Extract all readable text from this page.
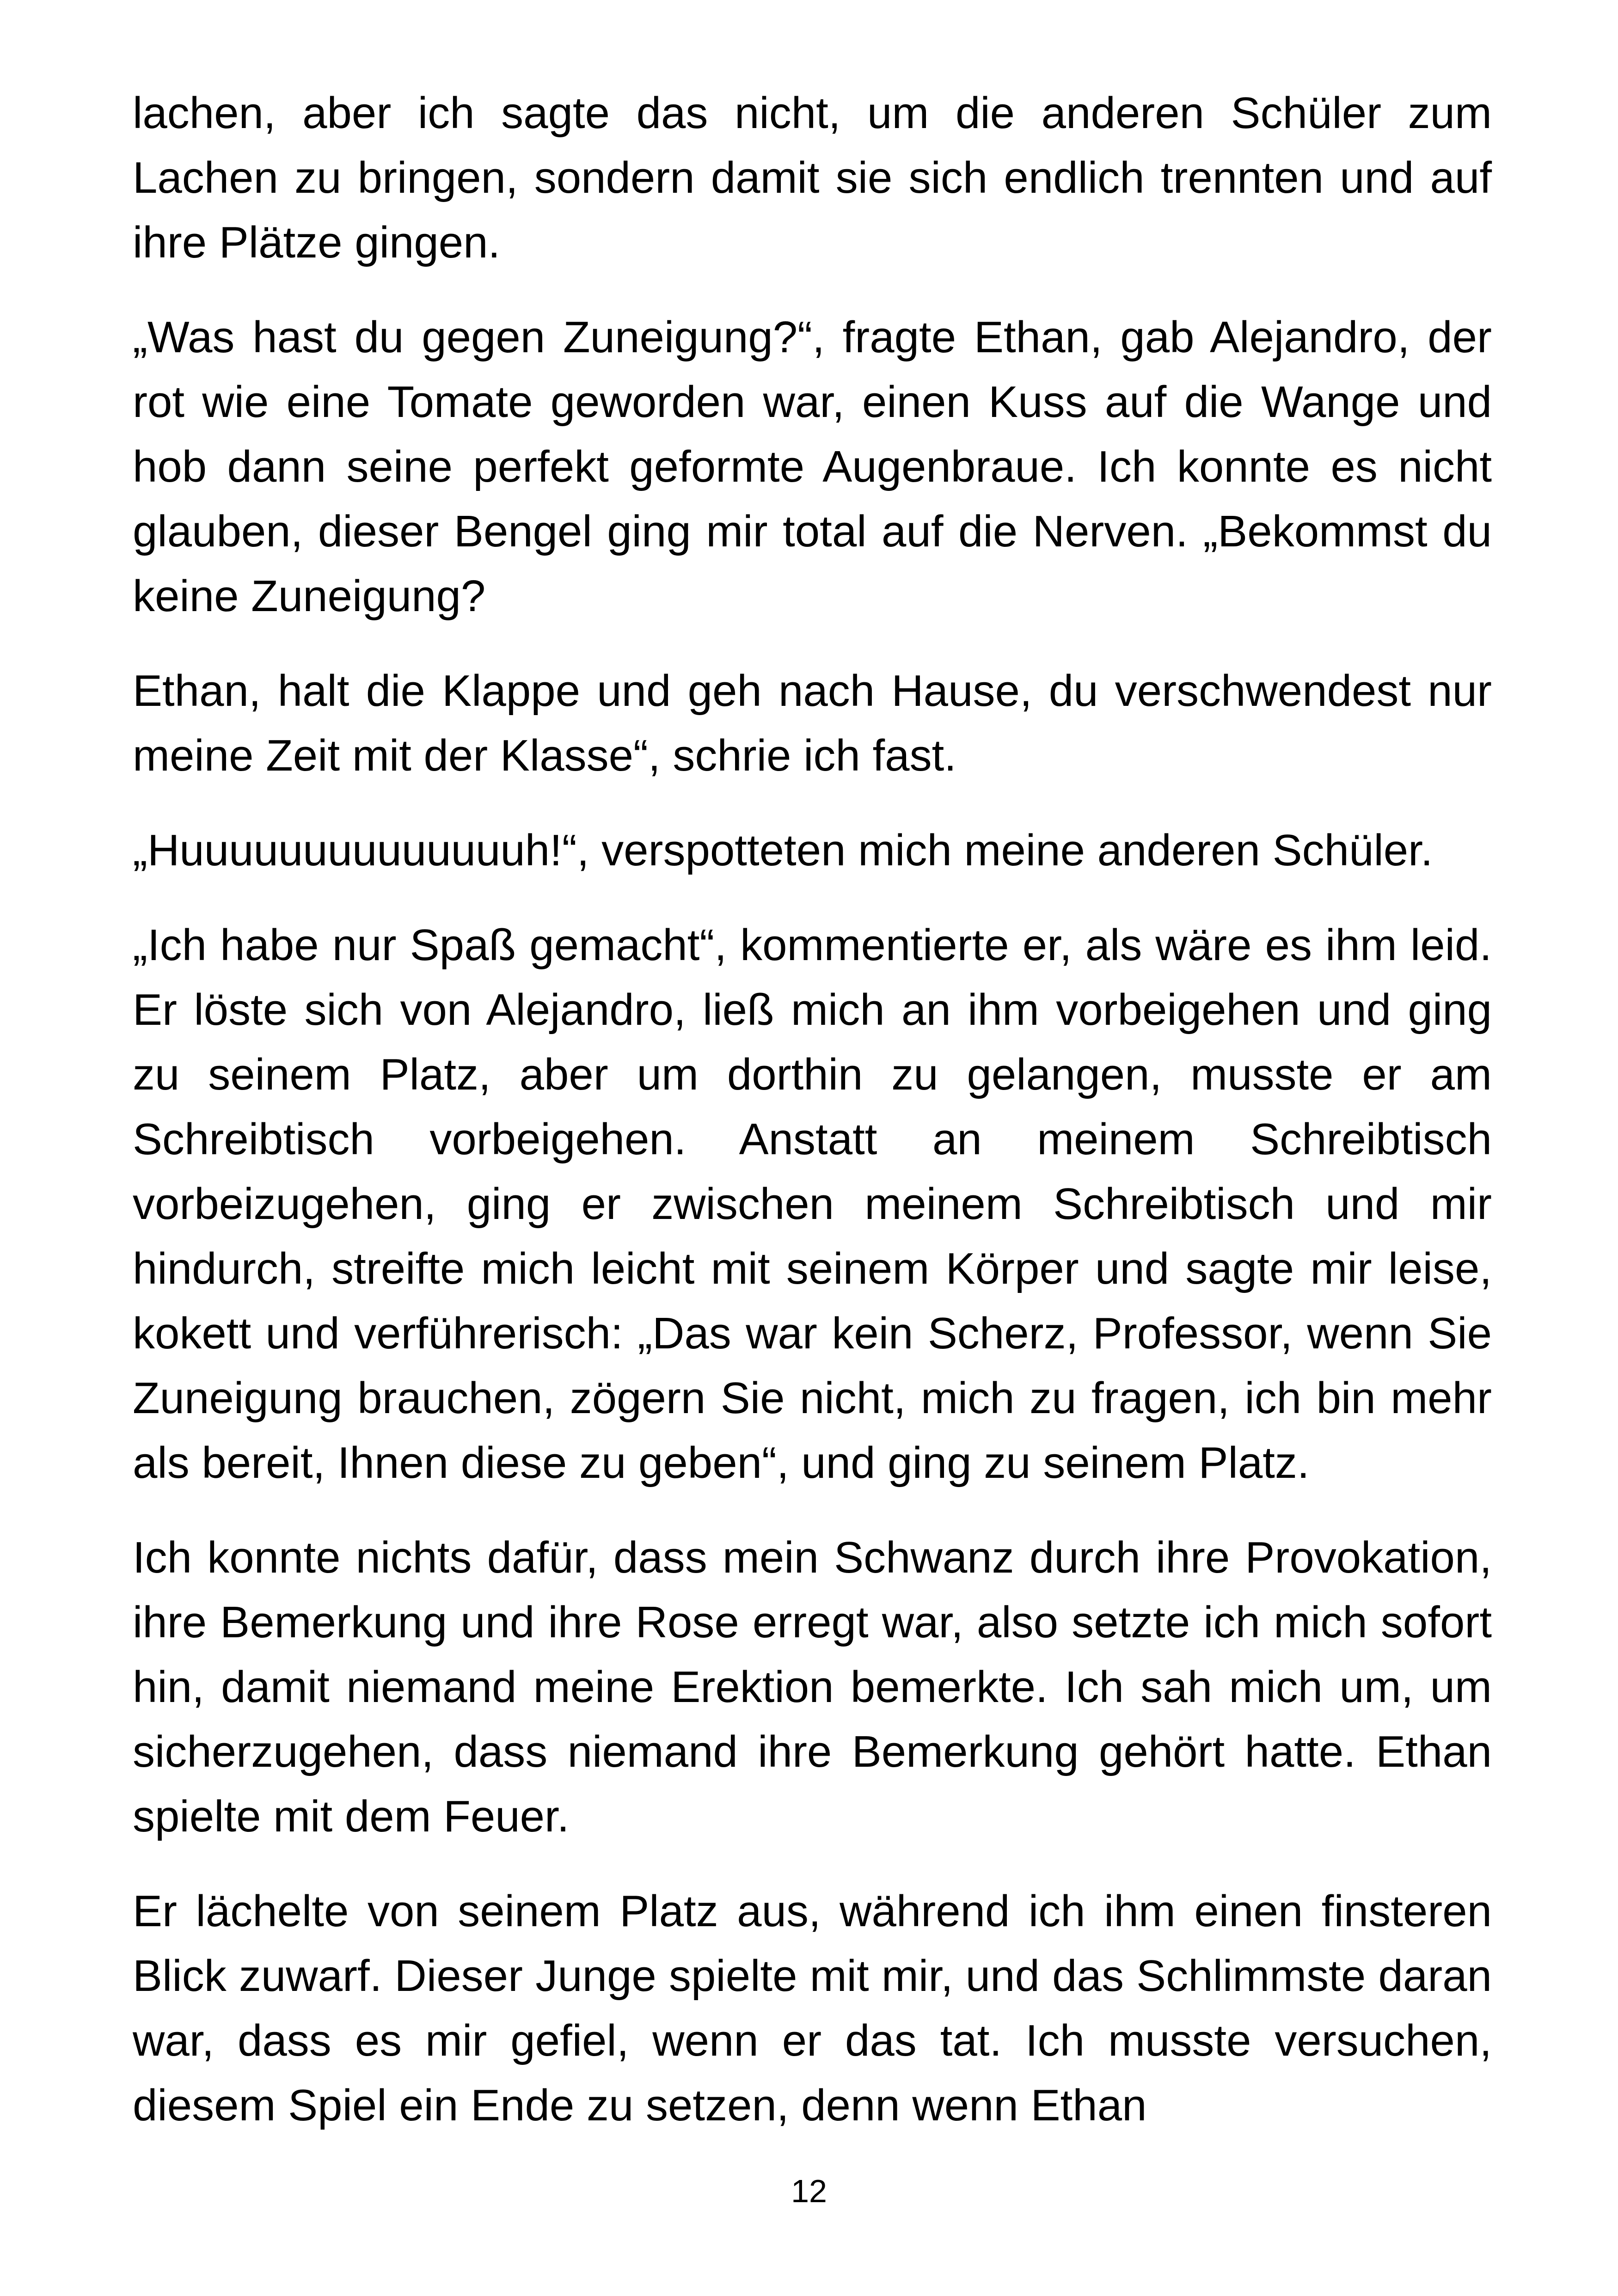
lachen, aber ich sagte das nicht, um die anderen Schüler zum Lachen zu bringen, sondern damit sie sich endlich trennten und auf ihre Plätze gingen.

„Was hast du gegen Zuneigung?“, fragte Ethan, gab Alejandro, der rot wie eine Tomate geworden war, einen Kuss auf die Wange und hob dann seine perfekt geformte Augenbraue. Ich konnte es nicht glauben, dieser Bengel ging mir total auf die Nerven. „Bekommst du keine Zuneigung?

Ethan, halt die Klappe und geh nach Hause, du verschwendest nur meine Zeit mit der Klasse“, schrie ich fast.

„Huuuuuuuuuuuuuuh!“, verspotteten mich meine anderen Schüler.

„Ich habe nur Spaß gemacht“, kommentierte er, als wäre es ihm leid. Er löste sich von Alejandro, ließ mich an ihm vorbeigehen und ging zu seinem Platz, aber um dorthin zu gelangen, musste er am Schreibtisch vorbeigehen. Anstatt an meinem Schreibtisch vorbeizugehen, ging er zwischen meinem Schreibtisch und mir hindurch, streifte mich leicht mit seinem Körper und sagte mir leise, kokett und verführerisch: „Das war kein Scherz, Professor, wenn Sie Zuneigung brauchen, zögern Sie nicht, mich zu fragen, ich bin mehr als bereit, Ihnen diese zu geben“, und ging zu seinem Platz.

Ich konnte nichts dafür, dass mein Schwanz durch ihre Provokation, ihre Bemerkung und ihre Rose erregt war, also setzte ich mich sofort hin, damit niemand meine Erektion bemerkte. Ich sah mich um, um sicherzugehen, dass niemand ihre Bemerkung gehört hatte. Ethan spielte mit dem Feuer.

Er lächelte von seinem Platz aus, während ich ihm einen finsteren Blick zuwarf. Dieser Junge spielte mit mir, und das Schlimmste daran war, dass es mir gefiel, wenn er das tat. Ich musste versuchen, diesem Spiel ein Ende zu setzen, denn wenn Ethan

12
